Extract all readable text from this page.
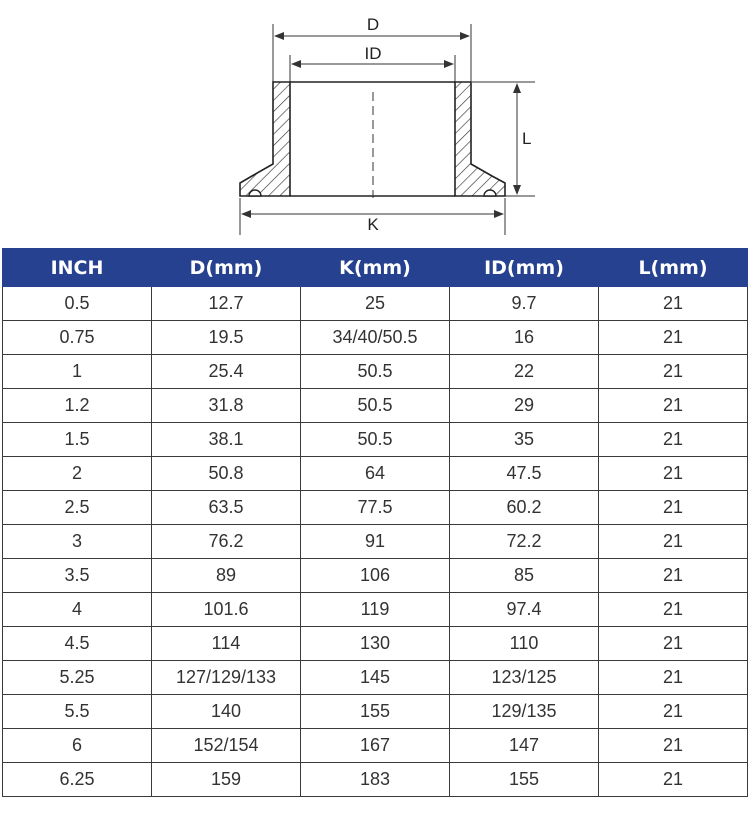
D
ID
L
K
INCH	D(mm)	K(mm)	ID(mm)	L(mm)
0.5	12.7	25	9.7	21
0.75	19.5	34/40/50.5	16	21
1	25.4	50.5	22	21
1.2	31.8	50.5	29	21
1.5	38.1	50.5	35	21
2	50.8	64	47.5	21
2.5	63.5	77.5	60.2	21
3	76.2	91	72.2	21
3.5	89	106	85	21
4	101.6	119	97.4	21
4.5	114	130	110	21
5.25	127/129/133	145	123/125	21
5.5	140	155	129/135	21
6	152/154	167	147	21
6.25	159	183	155	21
